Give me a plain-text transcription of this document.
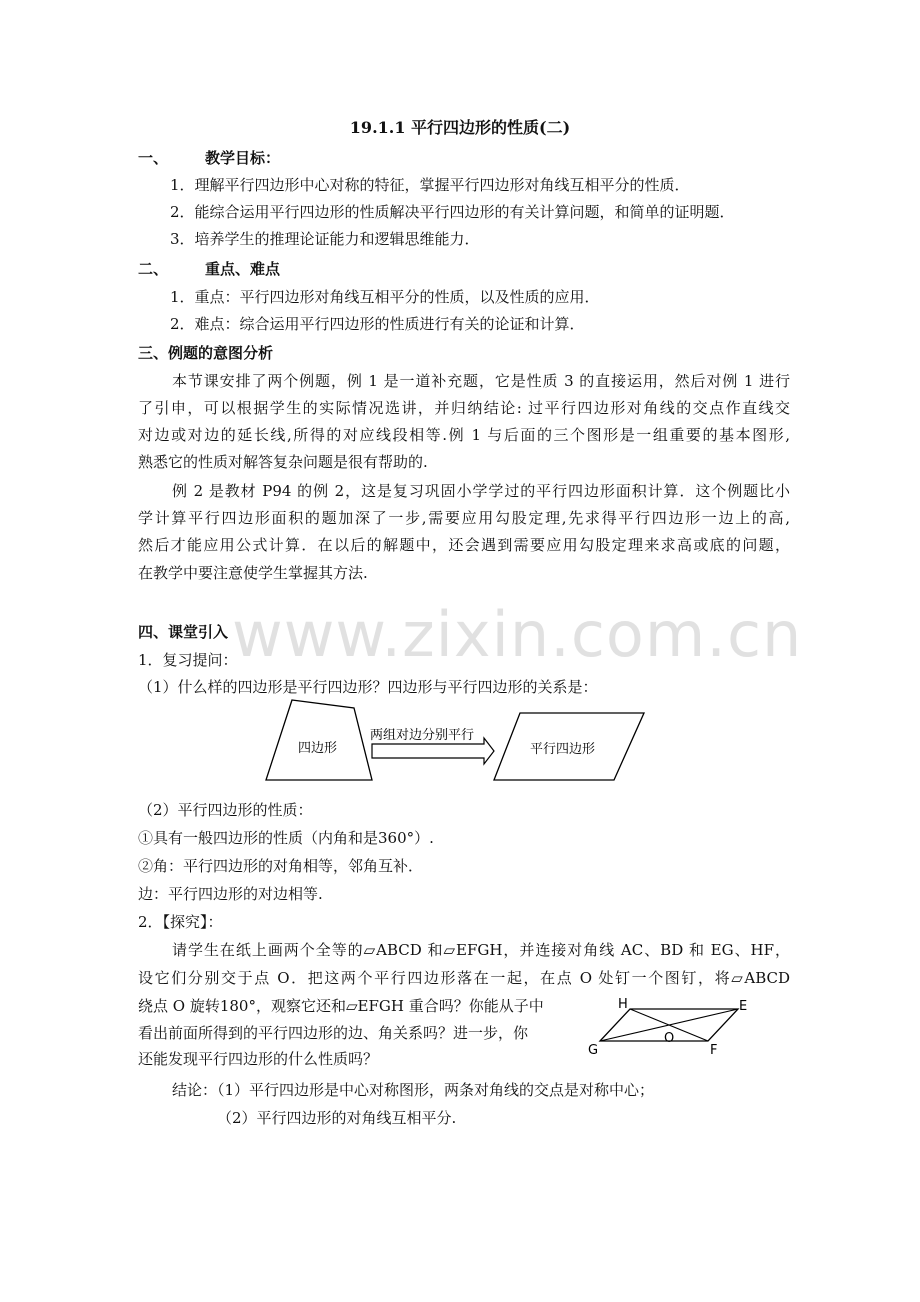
19.1.1 平行四边形的性质(二)
一、 教学目标：
1．理解平行四边形中心对称的特征，掌握平行四边形对角线互相平分的性质．
2．能综合运用平行四边形的性质解决平行四边形的有关计算问题，和简单的证明题．
3．培养学生的推理论证能力和逻辑思维能力．
二、 重点、难点
1．重点：平行四边形对角线互相平分的性质，以及性质的应用．
2．难点：综合运用平行四边形的性质进行有关的论证和计算．
三、例题的意图分析
本节课安排了两个例题，例 1 是一道补充题，它是性质 3 的直接运用，然后对例 1 进行
了引申，可以根据学生的实际情况选讲，并归纳结论: 过平行四边形对角线的交点作直线交
对边或对边的延长线,所得的对应线段相等.例 1 与后面的三个图形是一组重要的基本图形,
熟悉它的性质对解答复杂问题是很有帮助的.
例 2 是教材 P94 的例 2，这是复习巩固小学学过的平行四边形面积计算．这个例题比小
学计算平行四边形面积的题加深了一步,需要应用勾股定理,先求得平行四边形一边上的高,
然后才能应用公式计算．在以后的解题中，还会遇到需要应用勾股定理来求高或底的问题，
在教学中要注意使学生掌握其方法.
www.zixin.com.cn
四、课堂引入
1．复习提问：
（1）什么样的四边形是平行四边形？四边形与平行四边形的关系是：
四边形
两组对边分别平行
平行四边形
（2）平行四边形的性质：
①具有一般四边形的性质（内角和是360°）.
②角：平行四边形的对角相等，邻角互补．
边：平行四边形的对边相等.
2．【探究】：
请学生在纸上画两个全等的▱ABCD 和▱EFGH，并连接对角线 AC、BD 和 EG、HF，
设它们分别交于点 O．把这两个平行四边形落在一起，在点 O 处钉一个图钉，将▱ABCD
绕点 O 旋转180°，观察它还和▱EFGH 重合吗？你能从子中
看出前面所得到的平行四边形的边、角关系吗？进一步，你
还能发现平行四边形的什么性质吗？
H	E
G	F
O
结论：（1）平行四边形是中心对称图形，两条对角线的交点是对称中心；
（2）平行四边形的对角线互相平分.
